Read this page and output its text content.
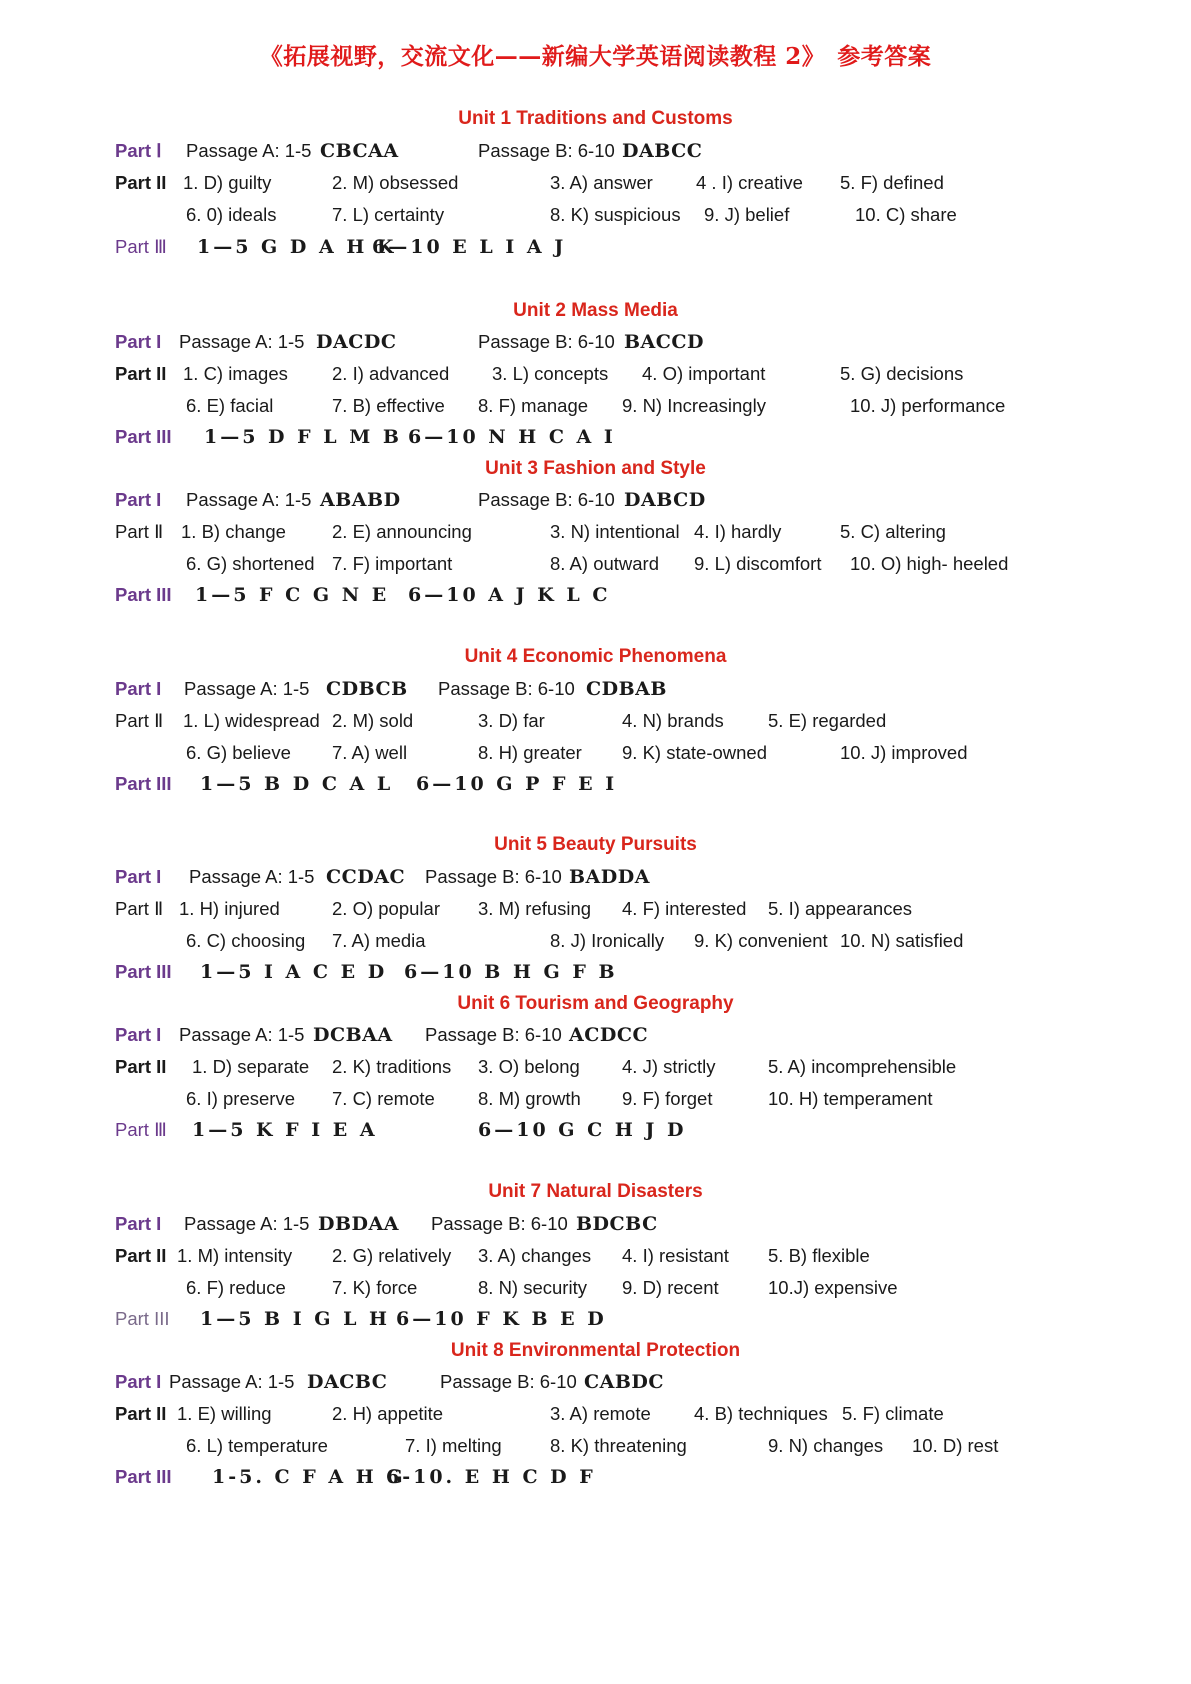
《拓展视野，交流文化——新编大学英语阅读教程 2》　参考答案
Unit 1 Traditions and Customs
Part Ⅰ Passage A: 1-5 CBCAA	Passage B: 6-10 DABCC
Part II 1. D) guilty	2. M) obsessed	3. A) answer 4 . I) creative 5. F) defined
6. 0) ideals	7. L) certainty	8. K) suspicious 9. J) belief	10. C) share
Part Ⅲ 1—5 G D A H K
6—10 E L I A J
Unit 2 Mass Media
Part I Passage A: 1-5 DACDC	Passage B: 6-10 BACCD
Part II 1. C) images 2. I) advanced 3. L) concepts 4. O) important	5. G) decisions
6. E) facial	7. B) effective 8. F) manage 9. N) Increasingly	10. J) performance
Part III 1—5 D F L M B 6—10 N H C A I
Unit 3 Fashion and Style
Part I Passage A: 1-5 ABABD	Passage B: 6-10 DABCD
Part Ⅱ 1. B) change 2. E) announcing	3. N) intentional 4. I) hardly	5. C) altering
6. G) shortened 7. F) important	8. A) outward 9. L) discomfort 10. O) high- heeled
Part III 1—5 F C G N E 6—10 A J K L C
Unit 4 Economic Phenomena
Part I Passage A: 1-5 CDBCB Passage B: 6-10 CDBAB
Part Ⅱ 1. L) widespread 2. M) sold	3. D) far	4. N) brands 5. E) regarded
6. G) believe 7. A) well	8. H) greater 9. K) state-owned	10. J) improved
Part III 1—5 B D C A L 6—10 G P F E I
Unit 5 Beauty Pursuits
Part I Passage A: 1-5 CCDAC Passage B: 6-10 BADDA
Part Ⅱ 1. H) injured	2. O) popular 3. M) refusing 4. F) interested 5. I) appearances
6. C) choosing 7. A) media	8. J) Ironically 9. K) convenient 10. N) satisfied
Part III 1—5 I A C E D 6—10 B H G F B
Unit 6 Tourism and Geography
Part I Passage A: 1-5 DCBAA Passage B: 6-10 ACDCC
Part II 1. D) separate 2. K) traditions 3. O) belong 4. J) strictly	5. A) incomprehensible
6. I) preserve 7. C) remote 8. M) growth 9. F) forget	10. H) temperament
Part Ⅲ 1—5 K F I E A	6—10 G C H J D
Unit 7 Natural Disasters
Part I Passage A: 1-5 DBDAA Passage B: 6-10 BDCBC
Part II 1. M) intensity 2. G) relatively 3. A) changes 4. I) resistant 5. B) flexible
6. F) reduce	7. K) force	8. N) security 9. D) recent	10.J) expensive
Part III 1—5 B I G L H 6—10 F K B E D
Unit 8 Environmental Protection
Part I Passage A: 1-5 DACBC	Passage B: 6-10 CABDC
Part II 1. E) willing	2. H) appetite	3. A) remote 4. B) techniques 5. F) climate
6. L) temperature	7. I) melting	8. K) threatening	9. N) changes 10. D) rest
Part III 1-5. C F A H G
6-10. E H C D F
